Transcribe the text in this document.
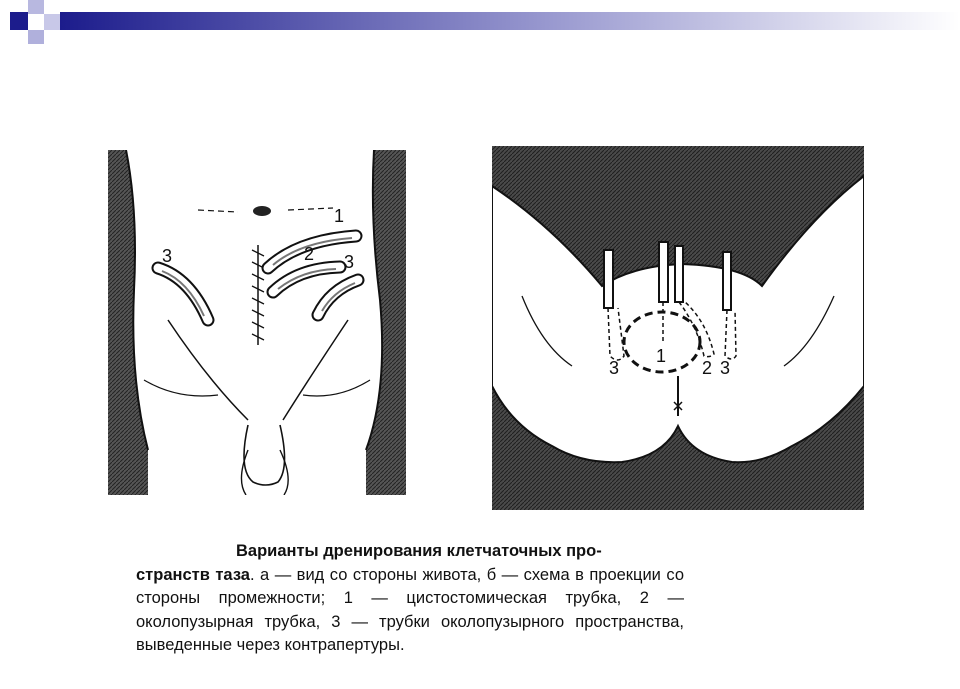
1
2
3	3
3
1
2 3
Варианты дренирования клетчаточных про-
странств таза. а — вид со стороны живота, б — схема в проекции со стороны промежности; 1 — цистостомическая трубка, 2 — околопузырная трубка, 3 — трубки околопузырного пространства, выведенные через контрапертуры.
